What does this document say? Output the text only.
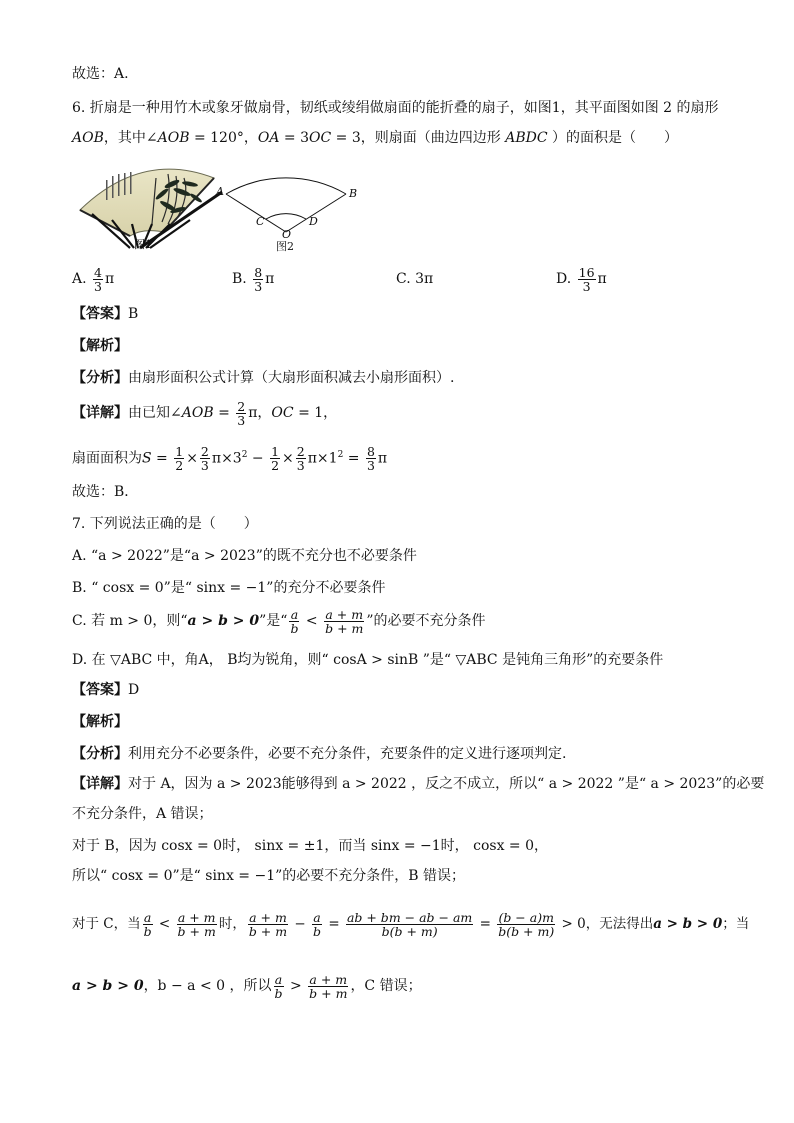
故选：A.
6. 折扇是一种用竹木或象牙做扇骨，韧纸或绫绢做扇面的能折叠的扇子，如图1，其平面图如图 2 的扇形
AOB，其中∠AOB = 120°，OA = 3OC = 3，则扇面（曲边四边形 ABDC ）的面积是（　　）
图1
A	B
C	D
O
图2
A. $\frac{4}{3}$ π	B. $\frac{8}{3}$ π	C. 3π	D. $\frac{16}{3}$ π
【答案】B
【解析】
【分析】由扇形面积公式计算（大扇形面积减去小扇形面积）.
【详解】由已知∠AOB = $\frac{2}{3}$ π，OC = 1，
扇面面积为$S = \frac{1}{2} \times \frac{2}{3} \pi\times 3^2 - \frac{1}{2} \times \frac{2}{3} \pi\times 1^2 = \frac{8}{3}$ π
故选：B．
7. 下列说法正确的是（　　）
A. “a > 2022”是“a > 2023”的既不充分也不必要条件
B. “ cosx = 0”是“ sinx = −1”的充分不必要条件
C. 若 m > 0，则“a > b > 0”是“ $\frac{a}{b} < \frac{a + m}{b + m}$ ”的必要不充分条件
D. 在 ▽ABC 中，角A， B均为锐角，则“ cosA > sinB ”是“ ▽ABC 是钝角三角形”的充要条件
【答案】D
【解析】
【分析】利用充分不必要条件，必要不充分条件，充要条件的定义进行逐项判定.
【详解】对于 A，因为 a > 2023能够得到 a > 2022 ，反之不成立，所以“ a > 2022 ”是“ a > 2023”的必要
不充分条件，A 错误；
对于 B，因为 cosx = 0时， sinx = ±1，而当 sinx = −1时， cosx = 0，
所以“ cosx = 0”是“ sinx = −1”的必要不充分条件，B 错误；
对于 C，当 $\frac{a}{b} < \frac{a + m}{b + m}$ 时， $\frac{a + m}{b + m} - \frac{a}{b} = \frac{ab + bm - ab - am}{b(b + m)} = \frac{(b - a)m}{b(b + m)} > 0$，无法得出a > b > 0；当
a > b > 0，b − a < 0 ，所以 $\frac{a}{b} > \frac{a + m}{b + m}$ ，C 错误；
